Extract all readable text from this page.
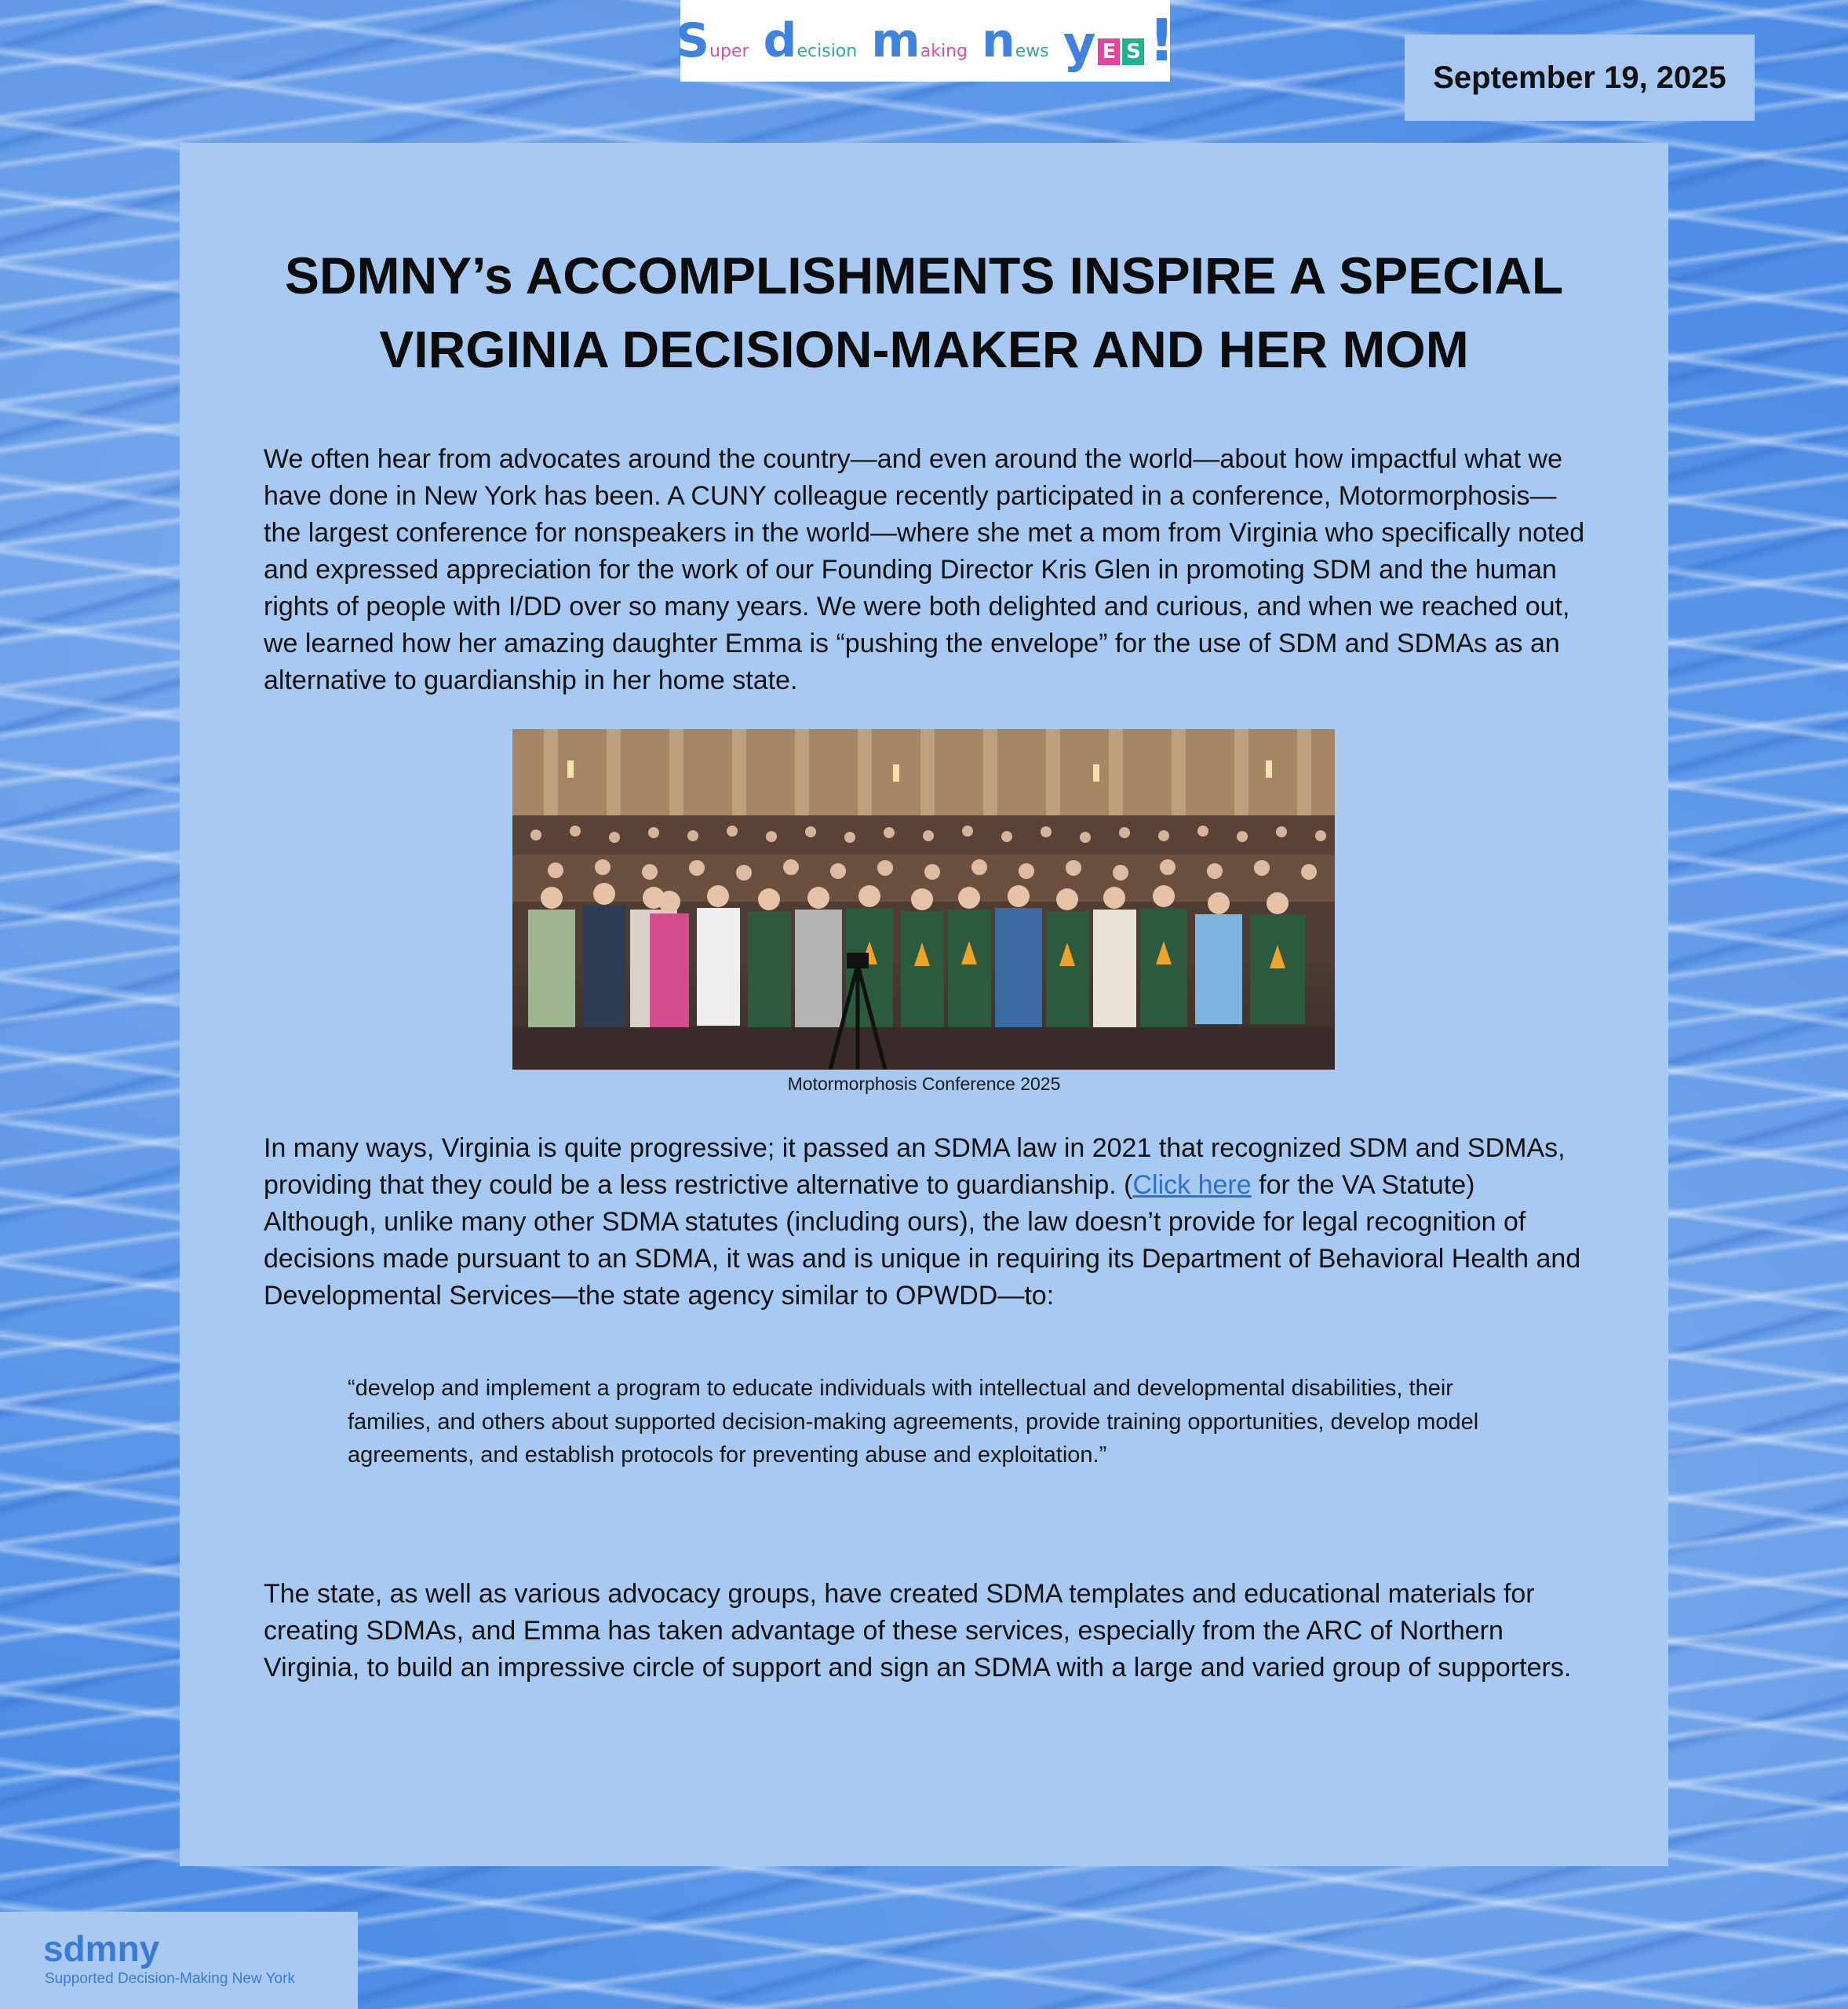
S uper d ecision m aking n ews y E S !
September 19, 2025
SDMNY’s ACCOMPLISHMENTS INSPIRE A SPECIAL
VIRGINIA DECISION-MAKER AND HER MOM

We often hear from advocates around the country—and even around the world—about how impactful what we have done in New York has been. A CUNY colleague recently participated in a conference, Motormorphosis—the largest conference for nonspeakers in the world—where she met a mom from Virginia who specifically noted and expressed appreciation for the work of our Founding Director Kris Glen in promoting SDM and the human rights of people with I/DD over so many years. We were both delighted and curious, and when we reached out, we learned how her amazing daughter Emma is “pushing the envelope” for the use of SDM and SDMAs as an alternative to guardianship in her home state.

Motormorphosis Conference 2025

In many ways, Virginia is quite progressive; it passed an SDMA law in 2021 that recognized SDM and SDMAs, providing that they could be a less restrictive alternative to guardianship. (Click here for the VA Statute) Although, unlike many other SDMA statutes (including ours), the law doesn’t provide for legal recognition of decisions made pursuant to an SDMA, it was and is unique in requiring its Department of Behavioral Health and Developmental Services—the state agency similar to OPWDD—to:

“develop and implement a program to educate individuals with intellectual and developmental disabilities, their families, and others about supported decision-making agreements, provide training opportunities, develop model agreements, and establish protocols for preventing abuse and exploitation.”

The state, as well as various advocacy groups, have created SDMA templates and educational materials for creating SDMAs, and Emma has taken advantage of these services, especially from the ARC of Northern Virginia, to build an impressive circle of support and sign an SDMA with a large and varied group of supporters.

sdmny
Supported Decision-Making New York
